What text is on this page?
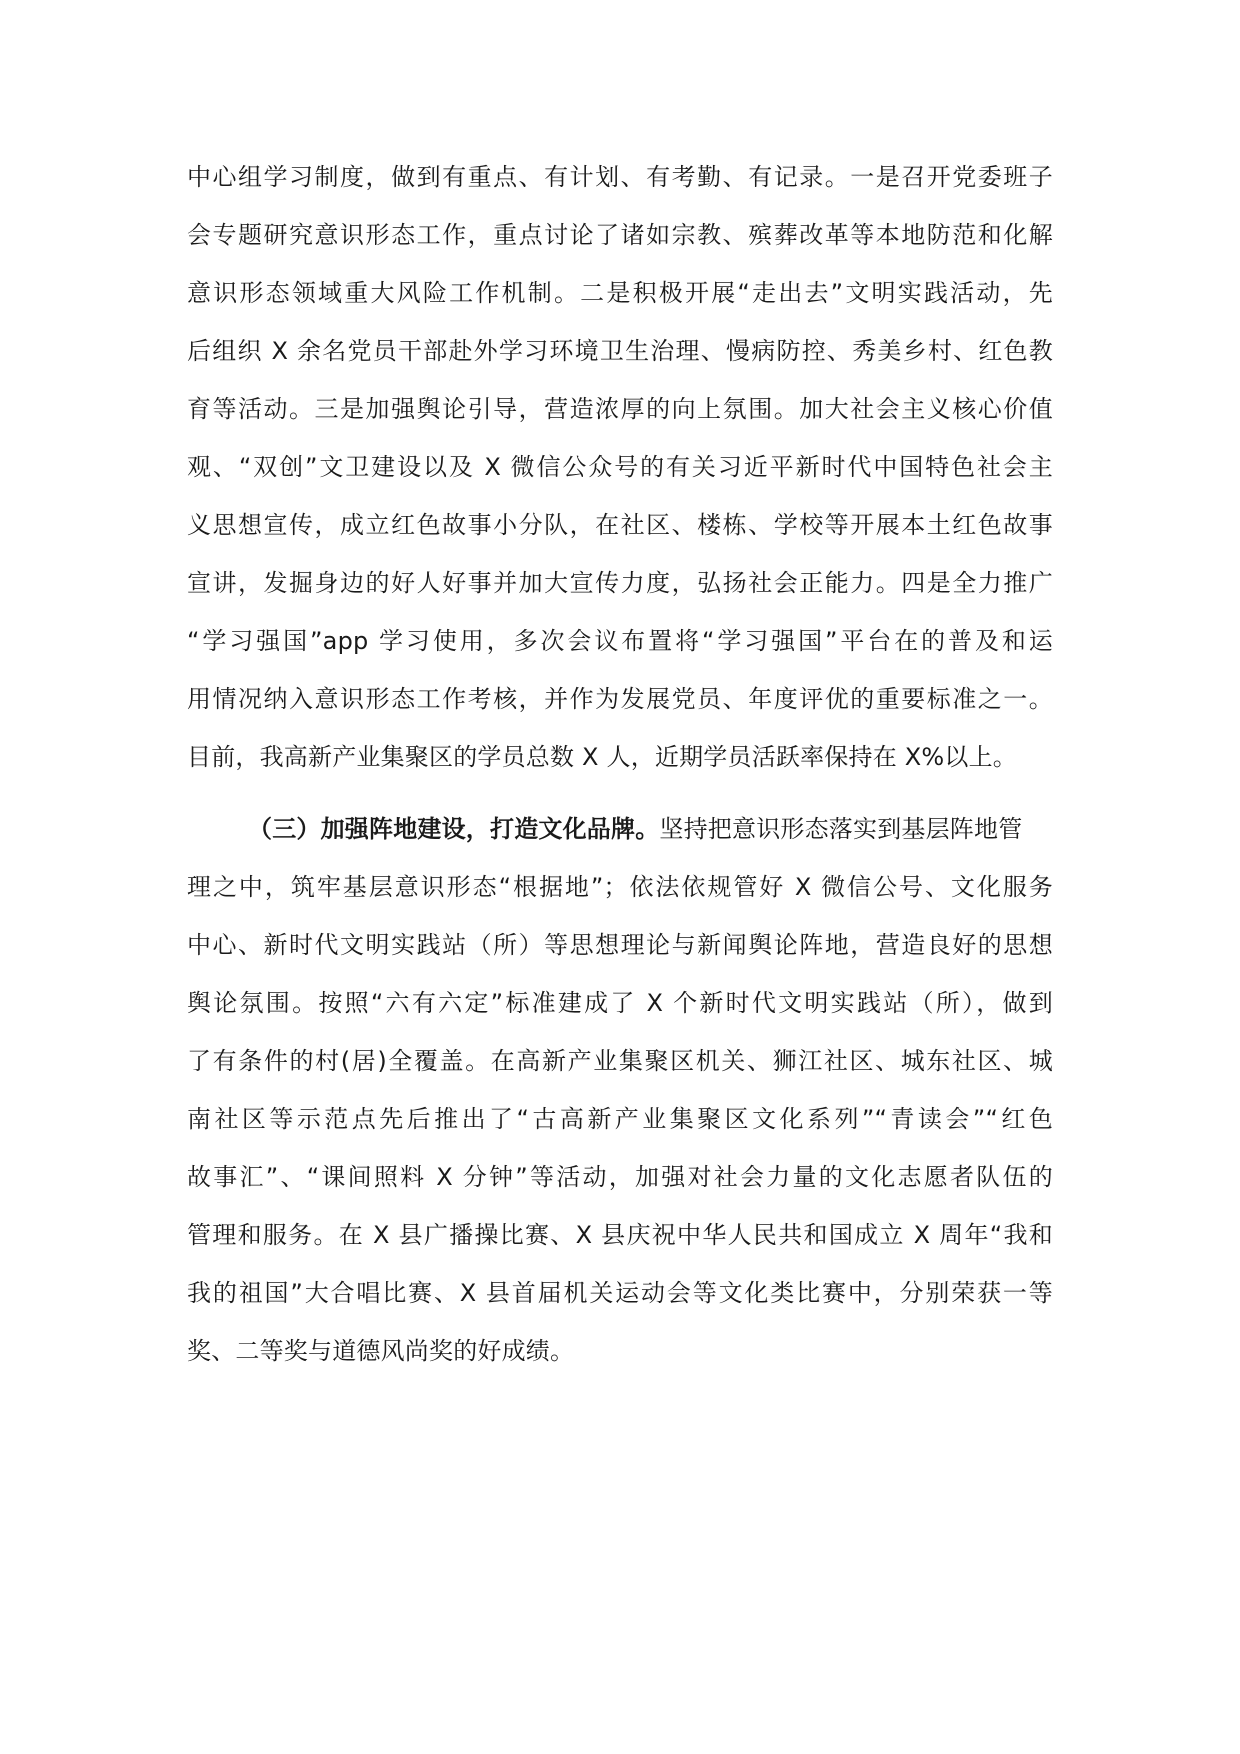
中心组学习制度，做到有重点、有计划、有考勤、有记录。一是召开党委班子
会专题研究意识形态工作，重点讨论了诸如宗教、殡葬改革等本地防范和化解
意识形态领域重大风险工作机制。二是积极开展“走出去”文明实践活动，先
后组织 X 余名党员干部赴外学习环境卫生治理、慢病防控、秀美乡村、红色教
育等活动。三是加强舆论引导，营造浓厚的向上氛围。加大社会主义核心价值
观、“双创”文卫建设以及 X 微信公众号的有关习近平新时代中国特色社会主
义思想宣传，成立红色故事小分队，在社区、楼栋、学校等开展本土红色故事
宣讲，发掘身边的好人好事并加大宣传力度，弘扬社会正能力。四是全力推广
“学习强国”app 学习使用，多次会议布置将“学习强国”平台在的普及和运
用情况纳入意识形态工作考核，并作为发展党员、年度评优的重要标准之一。
目前，我高新产业集聚区的学员总数 X 人，近期学员活跃率保持在 X%以上。
（三）加强阵地建设，打造文化品牌。坚持把意识形态落实到基层阵地管
理之中，筑牢基层意识形态“根据地”；依法依规管好 X 微信公号、文化服务
中心、新时代文明实践站（所）等思想理论与新闻舆论阵地，营造良好的思想
舆论氛围。按照“六有六定”标准建成了 X 个新时代文明实践站（所），做到
了有条件的村(居)全覆盖。在高新产业集聚区机关、狮江社区、城东社区、城
南社区等示范点先后推出了“古高新产业集聚区文化系列”“青读会”“红色
故事汇”、“课间照料 X 分钟”等活动，加强对社会力量的文化志愿者队伍的
管理和服务。在 X 县广播操比赛、X 县庆祝中华人民共和国成立 X 周年“我和
我的祖国”大合唱比赛、X 县首届机关运动会等文化类比赛中，分别荣获一等
奖、二等奖与道德风尚奖的好成绩。
